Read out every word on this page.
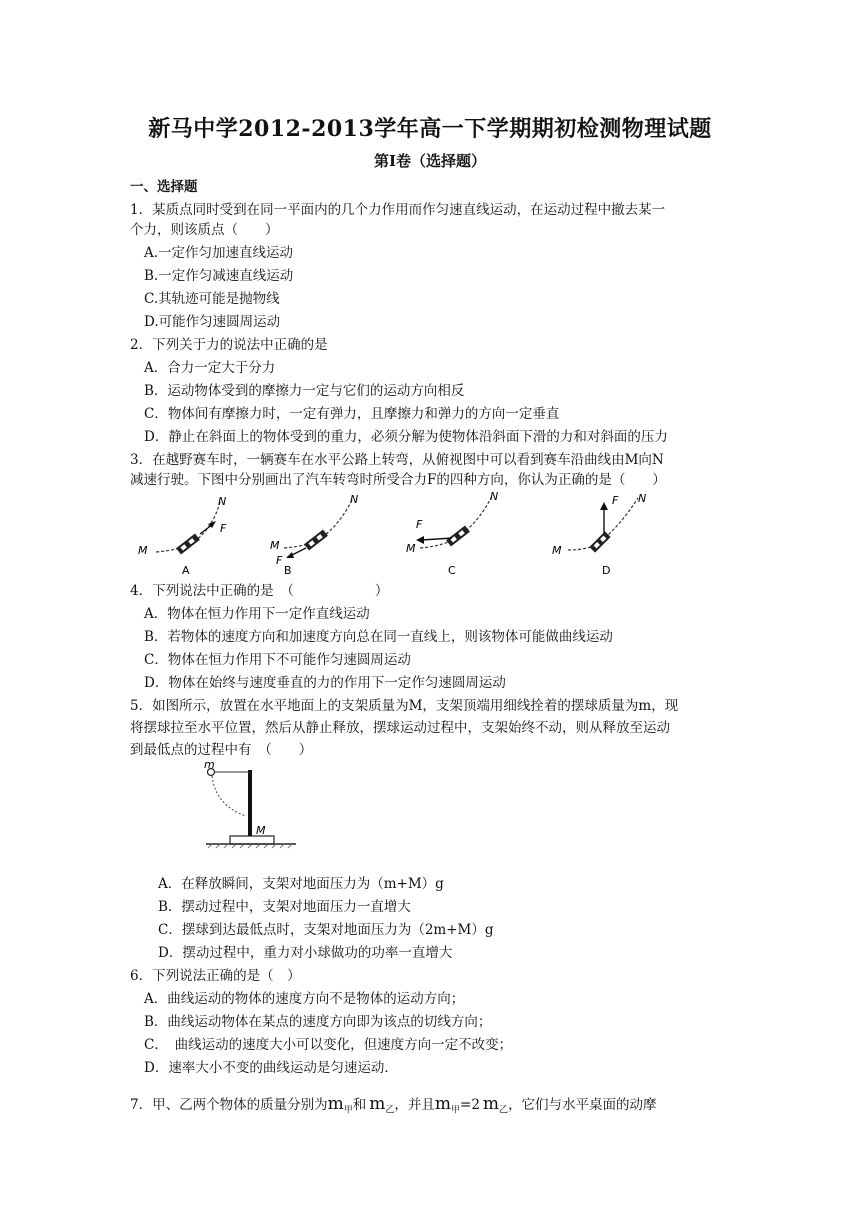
新马中学2012-2013学年高一下学期期初检测物理试题
第Ⅰ卷（选择题）
一、选择题
1．某质点同时受到在同一平面内的几个力作用而作匀速直线运动，在运动过程中撤去某一
个力，则该质点（　　）
A.一定作匀加速直线运动
B.一定作匀减速直线运动
C.其轨迹可能是抛物线
D.可能作匀速圆周运动
2．下列关于力的说法中正确的是
A．合力一定大于分力
B．运动物体受到的摩擦力一定与它们的运动方向相反
C．物体间有摩擦力时，一定有弹力，且摩擦力和弹力的方向一定垂直
D．静止在斜面上的物体受到的重力，必须分解为使物体沿斜面下滑的力和对斜面的压力
3．在越野赛车时，一辆赛车在水平公路上转弯，从俯视图中可以看到赛车沿曲线由M向N
减速行驶。下图中分别画出了汽车转弯时所受合力F的四种方向，你认为正确的是（　　）
M
N
F
A
M
N
F
B
M
N
F
C
M
N
F
D
4．下列说法中正确的是　（　　　　　　）
A．物体在恒力作用下一定作直线运动
B．若物体的速度方向和加速度方向总在同一直线上，则该物体可能做曲线运动
C．物体在恒力作用下不可能作匀速圆周运动
D．物体在始终与速度垂直的力的作用下一定作匀速圆周运动
5．如图所示，放置在水平地面上的支架质量为M，支架顶端用细线拴着的摆球质量为m，现
将摆球拉至水平位置，然后从静止释放，摆球运动过程中，支架始终不动，则从释放至运动
到最低点的过程中有　（　　）
m
M
A．在释放瞬间，支架对地面压力为（m+M）g
B．摆动过程中，支架对地面压力一直增大
C．摆球到达最低点时，支架对地面压力为（2m+M）g
D．摆动过程中，重力对小球做功的功率一直增大
6．下列说法正确的是（　）
A．曲线运动的物体的速度方向不是物体的运动方向；
B．曲线运动物体在某点的速度方向即为该点的切线方向；
C．　曲线运动的速度大小可以变化，但速度方向一定不改变；
D．速率大小不变的曲线运动是匀速运动．
7．甲、乙两个物体的质量分别为$m_甲$和 $m_乙$，并且$m_甲=2$ $m_乙$，它们与水平桌面的动摩
